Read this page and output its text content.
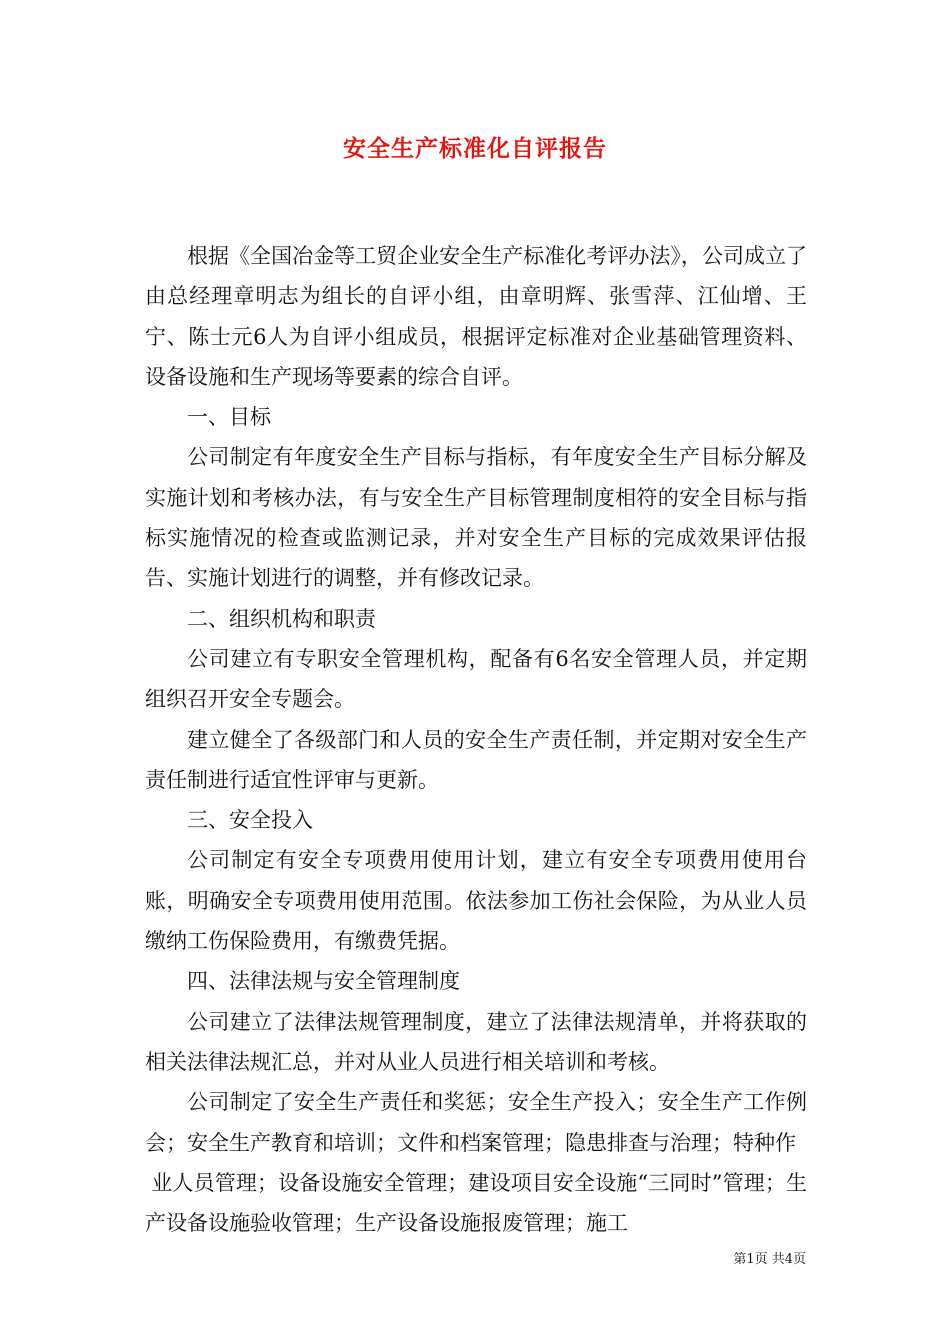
安全生产标准化自评报告

根据《全国冶金等工贸企业安全生产标准化考评办法》，公司成立了由总经理章明志为组长的自评小组，由章明辉、张雪萍、江仙增、王宁、陈士元6人为自评小组成员，根据评定标准对企业基础管理资料、设备设施和生产现场等要素的综合自评。

一、目标

公司制定有年度安全生产目标与指标，有年度安全生产目标分解及实施计划和考核办法，有与安全生产目标管理制度相符的安全目标与指标实施情况的检查或监测记录，并对安全生产目标的完成效果评估报告、实施计划进行的调整，并有修改记录。

二、组织机构和职责

公司建立有专职安全管理机构，配备有6名安全管理人员，并定期组织召开安全专题会。

建立健全了各级部门和人员的安全生产责任制，并定期对安全生产责任制进行适宜性评审与更新。

三、安全投入

公司制定有安全专项费用使用计划，建立有安全专项费用使用台账，明确安全专项费用使用范围。依法参加工伤社会保险，为从业人员缴纳工伤保险费用，有缴费凭据。

四、法律法规与安全管理制度

公司建立了法律法规管理制度，建立了法律法规清单，并将获取的相关法律法规汇总，并对从业人员进行相关培训和考核。

公司制定了安全生产责任和奖惩；安全生产投入；安全生产工作例会；安全生产教育和培训；文件和档案管理；隐患排查与治理；特种作

业人员管理；设备设施安全管理；建设项目安全设施“三同时”管理；生产设备设施验收管理；生产设备设施报废管理；施工

第1页 共4页
